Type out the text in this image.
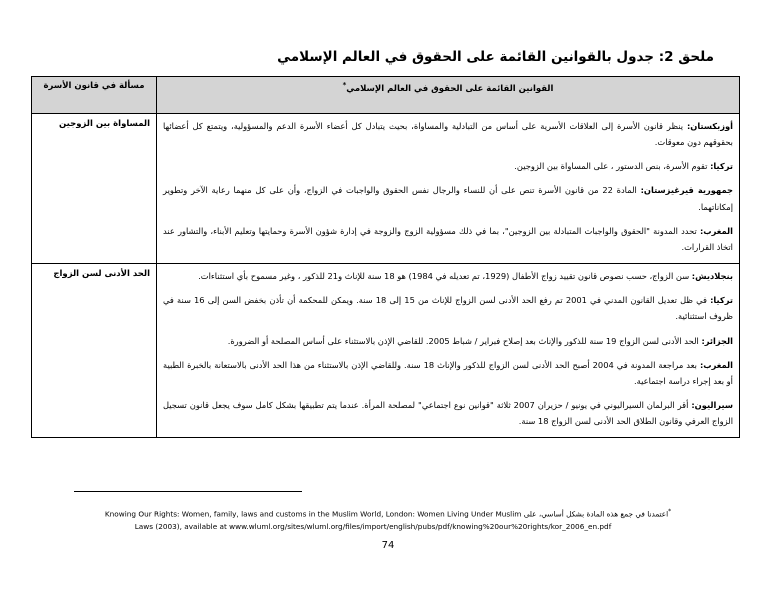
ملحق 2: جدول بالقوانين القائمة على الحقوق في العالم الإسلامي
القوانين القائمة على الحقوق في العالم الإسلامي*	مسألة في قانون الأسرة

أوزبكستان: ينظر قانون الأسرة إلى العلاقات الأسرية على أساس من التبادلية والمساواة، بحيث يتبادل كل أعضاء الأسرة الدعم والمسؤولية، ويتمتع كل أعضائها بحقوقهم دون معوقات.

تركيا: تقوم الأسرة، بنص الدستور ، على المساواة بين الزوجين.

جمهورية قيرغيزستان: المادة 22 من قانون الأسرة تنص على أن للنساء والرجال نفس الحقوق والواجبات في الزواج، وأن على كل منهما رعاية الآخر وتطوير إمكاناتهما.

المغرب: تحدد المدونة "الحقوق والواجبات المتبادلة بين الزوجين"، بما في ذلك مسؤولية الزوج والزوجة في إدارة شؤون الأسرة وحمايتها وتعليم الأبناء، والتشاور عند اتخاذ القرارات.	المساواة بين الزوجين

بنجلاديش: سن الزواج، حسب نصوص قانون تقييد زواج الأطفال (1929، تم تعديله في 1984) هو 18 سنة للإناث و21 للذكور ، وغير مسموح بأي استثناءات.

تركيا: في ظل تعديل القانون المدني في 2001 تم رفع الحد الأدنى لسن الزواج للإناث من 15 إلى 18 سنة. ويمكن للمحكمة أن تأذن بخفض السن إلى 16 سنة في ظروف استثنائية.

الجزائر: الحد الأدنى لسن الزواج 19 سنة للذكور والإناث بعد إصلاح فبراير / شباط 2005. للقاضي الإذن بالاستثناء على أساس المصلحة أو الضرورة.

المغرب: بعد مراجعة المدونة في 2004 أصبح الحد الأدنى لسن الزواج للذكور والإناث 18 سنة. وللقاضي الإذن بالاستثناء من هذا الحد الأدنى بالاستعانة بالخبرة الطبية أو بعد إجراء دراسة اجتماعية.

سيراليون: أقر البرلمان السيراليوني في يونيو / حزيران 2007 ثلاثة "قوانين نوع اجتماعي" لمصلحة المرأة. عندما يتم تطبيقها بشكل كامل سوف يجعل قانون تسجيل الزواج العرفي وقانون الطلاق الحد الأدنى لسن الزواج 18 سنة.	الحد الأدنى لسن الزواج
*اعتمدنا في جمع هذه المادة بشكل أساسي، على Knowing Our Rights: Women, family, laws and customs in the Muslim World, London: Women Living Under Muslim
Laws (2003), available at www.wluml.org/sites/wluml.org/files/import/english/pubs/pdf/knowing%20our%20rights/kor_2006_en.pdf
74
